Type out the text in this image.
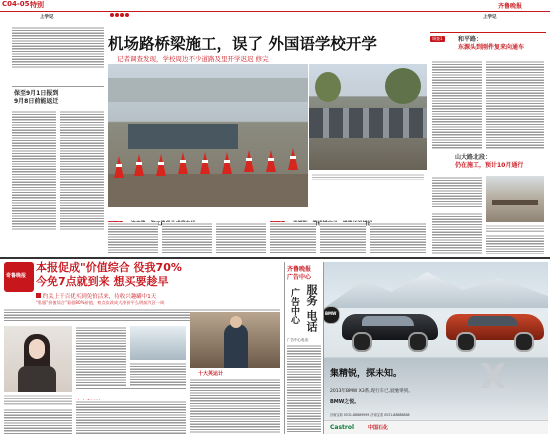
C04-05 特别	齐鲁晚报
上学记	上学记
保至9月1日报到
9月8日前能返迁
机场路桥梁施工，误了 外国语学校开学
记者调查发现，学校周边不少道路及里开学迟迟 修完
调查1	和平路：
东源头到刚件复来向通车
山大路北段：
仍在施工，预计10月通行
奇鲁晚报
本报促成"价值综合 役我70%
今免7点就到来 想买要趁早
约关上千百优买到免价活来，待收兴趣罐中1天
"私服"价值综合"看很80%价值，初点次改成大净价平么明前汽区一周
十大英运计
齐鲁晚报
广告中心
服务
电话
广告中心
广告中心电话：
BMW
集精锐，探未知。
2013年BMW X3系,现行车已,驶驰零到。
BMW之悦。
X
济南宝和 0531-88889999 济南宝泰 0531-88888888
Castrol	中国石化
